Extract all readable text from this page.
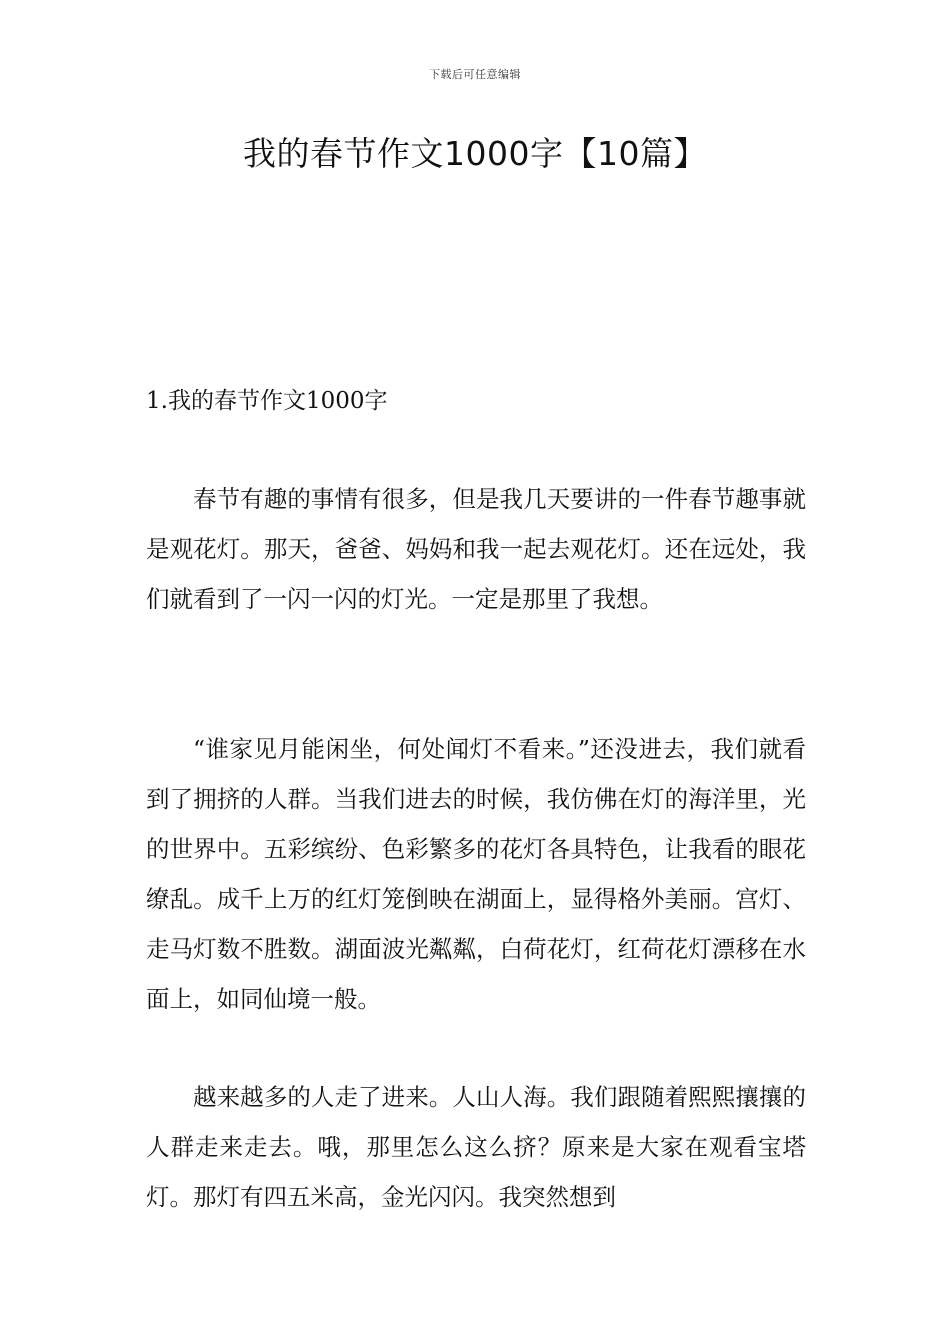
下载后可任意编辑
我的春节作文1000字【10篇】
1.我的春节作文1000字

春节有趣的事情有很多，但是我几天要讲的一件春节趣事就是观花灯。那天，爸爸、妈妈和我一起去观花灯。还在远处，我们就看到了一闪一闪的灯光。一定是那里了我想。

“谁家见月能闲坐，何处闻灯不看来。”还没进去，我们就看到了拥挤的人群。当我们进去的时候，我仿佛在灯的海洋里，光的世界中。五彩缤纷、色彩繁多的花灯各具特色，让我看的眼花缭乱。成千上万的红灯笼倒映在湖面上，显得格外美丽。宫灯、走马灯数不胜数。湖面波光粼粼，白荷花灯，红荷花灯漂移在水面上，如同仙境一般。

越来越多的人走了进来。人山人海。我们跟随着熙熙攘攘的人群走来走去。哦，那里怎么这么挤？原来是大家在观看宝塔灯。那灯有四五米高，金光闪闪。我突然想到
